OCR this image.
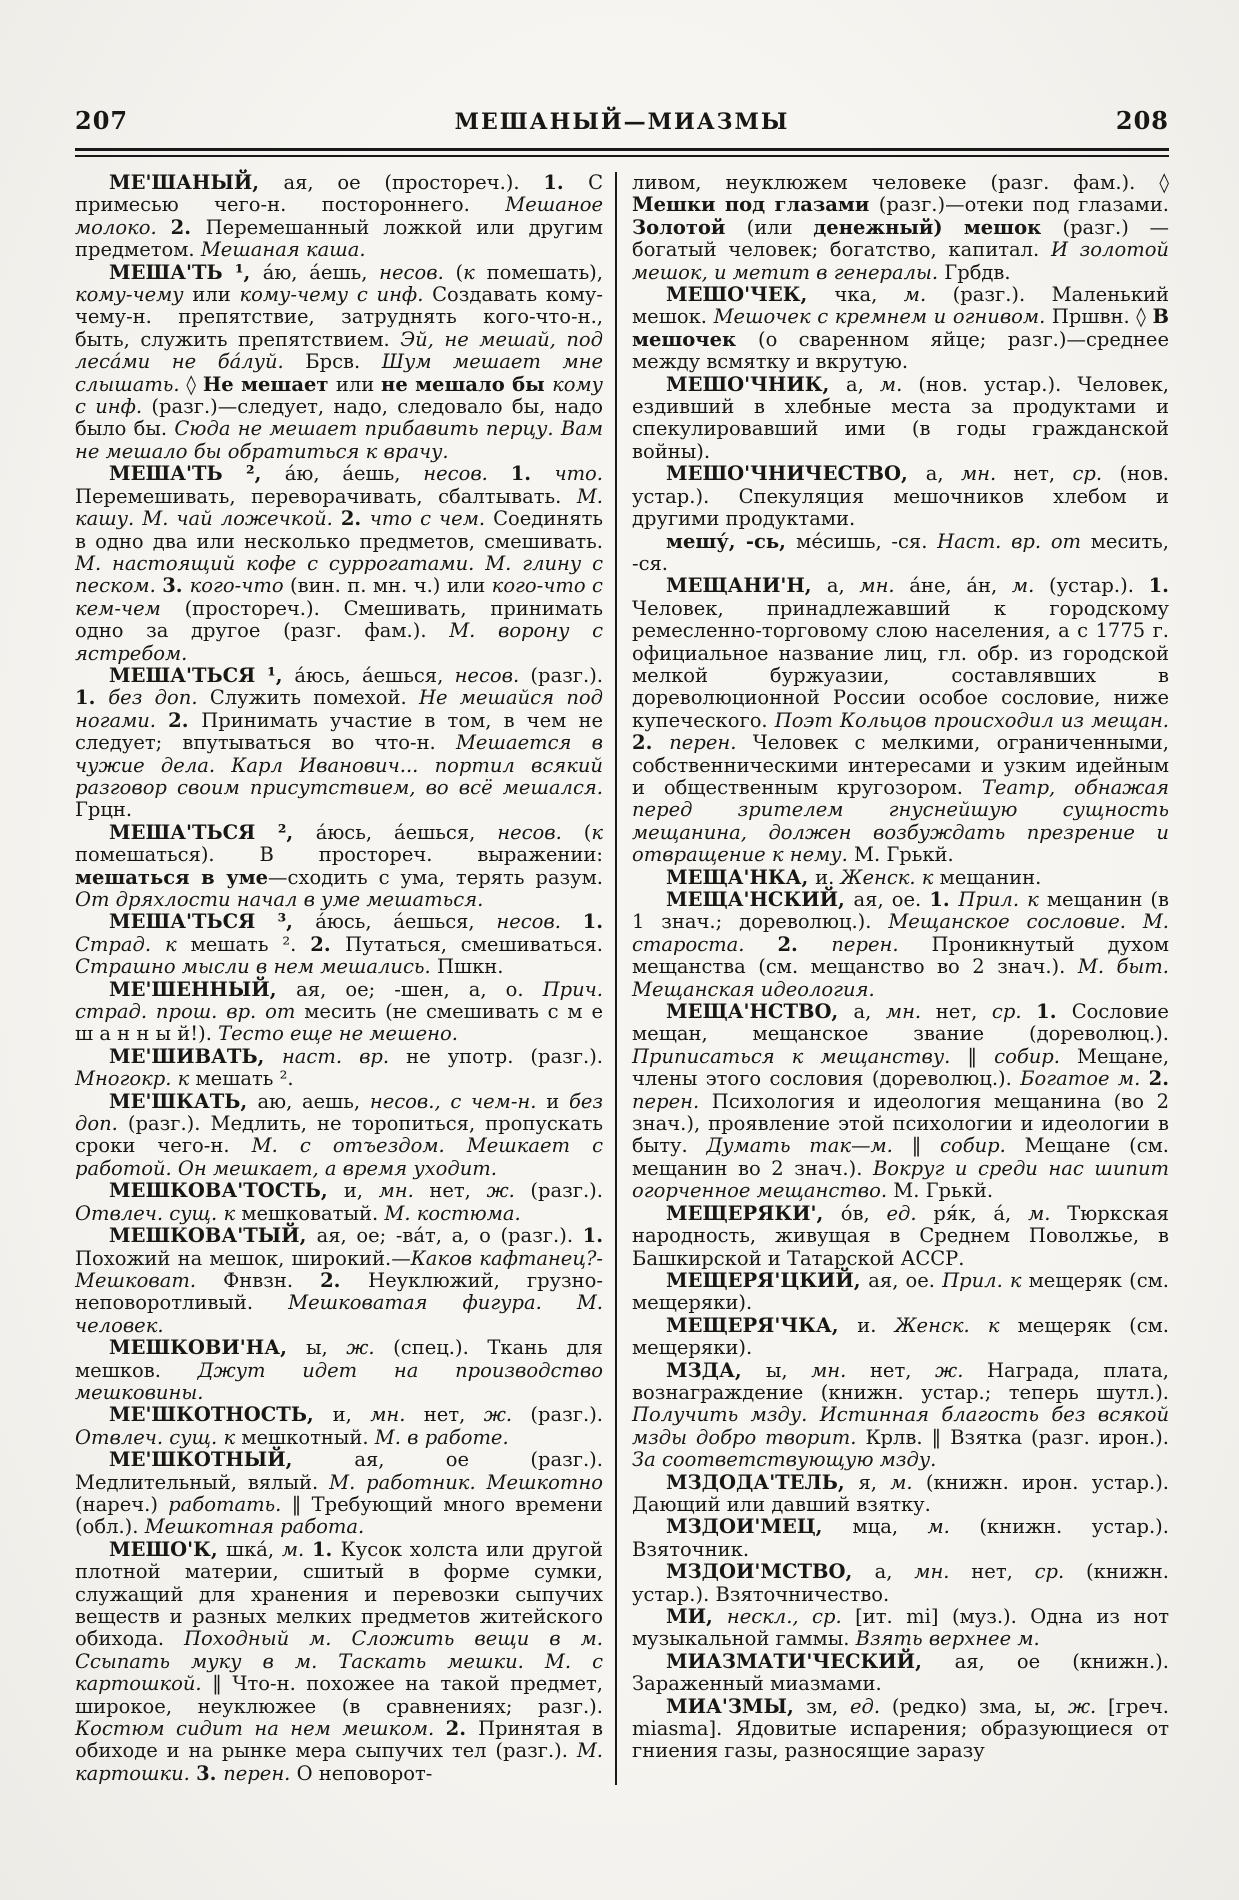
207	МЕШАНЫЙ—МИАЗМЫ	208

МЕ'ШАНЫЙ, ая, ое (простореч.). 1. С примесью чего-н. постороннего. Мешаное молоко. 2. Перемешанный ложкой или другим предметом. Мешаная каша.

МЕША'ТЬ ¹, а́ю, а́ешь, несов. (к помешать), кому-чему или кому-чему с инф. Создавать кому-чему-н. препятствие, затруднять кого-что-н., быть, служить препятствием. Эй, не мешай, под леса́ми не ба́луй. Брсв. Шум мешает мне слышать. ◊ Не мешает или не мешало бы кому с инф. (разг.)—следует, надо, следовало бы, надо было бы. Сюда не мешает прибавить перцу. Вам не мешало бы обратиться к врачу.

МЕША'ТЬ ², а́ю, а́ешь, несов. 1. что. Перемешивать, переворачивать, сбалтывать. М. кашу. М. чай ложечкой. 2. что с чем. Соединять в одно два или несколько предметов, смешивать. М. настоящий кофе с суррогатами. М. глину с песком. 3. кого-что (вин. п. мн. ч.) или кого-что с кем-чем (простореч.). Смешивать, принимать одно за другое (разг. фам.). М. ворону с ястребом.

МЕША'ТЬСЯ ¹, а́юсь, а́ешься, несов. (разг.). 1. без доп. Служить помехой. Не мешайся под ногами. 2. Принимать участие в том, в чем не следует; впутываться во что-н. Мешается в чужие дела. Карл Иванович... портил всякий разговор своим присутствием, во всё мешался. Грцн.

МЕША'ТЬСЯ ², а́юсь, а́ешься, несов. (к помешаться). В простореч. выражении: мешаться в уме—сходить с ума, терять разум. От дряхлости начал в уме мешаться.

МЕША'ТЬСЯ ³, а́юсь, а́ешься, несов. 1. Страд. к мешать ². 2. Путаться, смешиваться. Страшно мысли в нем мешались. Пшкн.

МЕ'ШЕННЫЙ, ая, ое; -шен, а, о. Прич. страд. прош. вр. от месить (не смешивать с м е ш а н н ы й!). Тесто еще не мешено.

МЕ'ШИВАТЬ, наст. вр. не употр. (разг.). Многокр. к мешать ².

МЕ'ШКАТЬ, аю, аешь, несов., с чем-н. и без доп. (разг.). Медлить, не торопиться, пропускать сроки чего-н. М. с отъездом. Мешкает с работой. Он мешкает, а время уходит.

МЕШКОВА'ТОСТЬ, и, мн. нет, ж. (разг.). Отвлеч. сущ. к мешковатый. М. костюма.

МЕШКОВА'ТЫЙ, ая, ое; -ва́т, а, о (разг.). 1. Похожий на мешок, широкий.—Каков кафтанец?-Мешковат. Фнвзн. 2. Неуклюжий, грузно-неповоротливый. Мешковатая фигура. М. человек.

МЕШКОВИ'НА, ы, ж. (спец.). Ткань для мешков. Джут идет на производство мешковины.

МЕ'ШКОТНОСТЬ, и, мн. нет, ж. (разг.). Отвлеч. сущ. к мешкотный. М. в работе.

МЕ'ШКОТНЫЙ, ая, ое (разг.). Медлительный, вялый. М. работник. Мешкотно (нареч.) работать. ‖ Требующий много времени (обл.). Мешкотная работа.

МЕШО'К, шка́, м. 1. Кусок холста или другой плотной материи, сшитый в форме сумки, служащий для хранения и перевозки сыпучих веществ и разных мелких предметов житейского обихода. Походный м. Сложить вещи в м. Ссыпать муку в м. Таскать мешки. М. с картошкой. ‖ Что-н. похожее на такой предмет, широкое, неуклюжее (в сравнениях; разг.). Костюм сидит на нем мешком. 2. Принятая в обиходе и на рынке мера сыпучих тел (разг.). М. картошки. 3. перен. О неповорот-

ливом, неуклюжем человеке (разг. фам.). ◊ Мешки под глазами (разг.)—отеки под глазами. Золотой (или денежный) мешок (разг.) — богатый человек; богатство, капитал. И золотой мешок, и метит в генералы. Грбдв.

МЕШО'ЧЕК, чка, м. (разг.). Маленький мешок. Мешочек с кремнем и огнивом. Пршвн. ◊ В мешочек (о сваренном яйце; разг.)—среднее между всмятку и вкрутую.

МЕШО'ЧНИК, а, м. (нов. устар.). Человек, ездивший в хлебные места за продуктами и спекулировавший ими (в годы гражданской войны).

МЕШО'ЧНИЧЕСТВО, а, мн. нет, ср. (нов. устар.). Спекуляция мешочников хлебом и другими продуктами.

мешу́, -сь, ме́сишь, -ся. Наст. вр. от месить, -ся.

МЕЩАНИ'Н, а, мн. а́не, а́н, м. (устар.). 1. Человек, принадлежавший к городскому ремесленно-торговому слою населения, а с 1775 г. официальное название лиц, гл. обр. из городской мелкой буржуазии, составлявших в дореволюционной России особое сословие, ниже купеческого. Поэт Кольцов происходил из мещан. 2. перен. Человек с мелкими, ограниченными, собственническими интересами и узким идейным и общественным кругозором. Театр, обнажая перед зрителем гнуснейшую сущность мещанина, должен возбуждать презрение и отвращение к нему. М. Грькй.

МЕЩА'НКА, и. Женск. к мещанин.

МЕЩА'НСКИЙ, ая, ое. 1. Прил. к мещанин (в 1 знач.; дореволюц.). Мещанское сословие. М. староста. 2. перен. Проникнутый духом мещанства (см. мещанство во 2 знач.). М. быт. Мещанская идеология.

МЕЩА'НСТВО, а, мн. нет, ср. 1. Сословие мещан, мещанское звание (дореволюц.). Приписаться к мещанству. ‖ собир. Мещане, члены этого сословия (дореволюц.). Богатое м. 2. перен. Психология и идеология мещанина (во 2 знач.), проявление этой психологии и идеологии в быту. Думать так—м. ‖ собир. Мещане (см. мещанин во 2 знач.). Вокруг и среди нас шипит огорченное мещанство. М. Грькй.

МЕЩЕРЯКИ', о́в, ед. ря́к, а́, м. Тюркская народность, живущая в Среднем Поволжье, в Башкирской и Татарской АССР.

МЕЩЕРЯ'ЦКИЙ, ая, ое. Прил. к мещеряк (см. мещеряки).

МЕЩЕРЯ'ЧКА, и. Женск. к мещеряк (см. мещеряки).

МЗДА, ы, мн. нет, ж. Награда, плата, вознаграждение (книжн. устар.; теперь шутл.). Получить мзду. Истинная благость без всякой мзды добро творит. Крлв. ‖ Взятка (разг. ирон.). За соответствующую мзду.

МЗДОДА'ТЕЛЬ, я, м. (книжн. ирон. устар.). Дающий или давший взятку.

МЗДОИ'МЕЦ, мца, м. (книжн. устар.). Взяточник.

МЗДОИ'МСТВО, а, мн. нет, ср. (книжн. устар.). Взяточничество.

МИ, нескл., ср. [ит. mi] (муз.). Одна из нот музыкальной гаммы. Взять верхнее м.

МИАЗМАТИ'ЧЕСКИЙ, ая, ое (книжн.). Зараженный миазмами.

МИА'ЗМЫ, зм, ед. (редко) зма, ы, ж. [греч. miasma]. Ядовитые испарения; образующиеся от гниения газы, разносящие заразу
